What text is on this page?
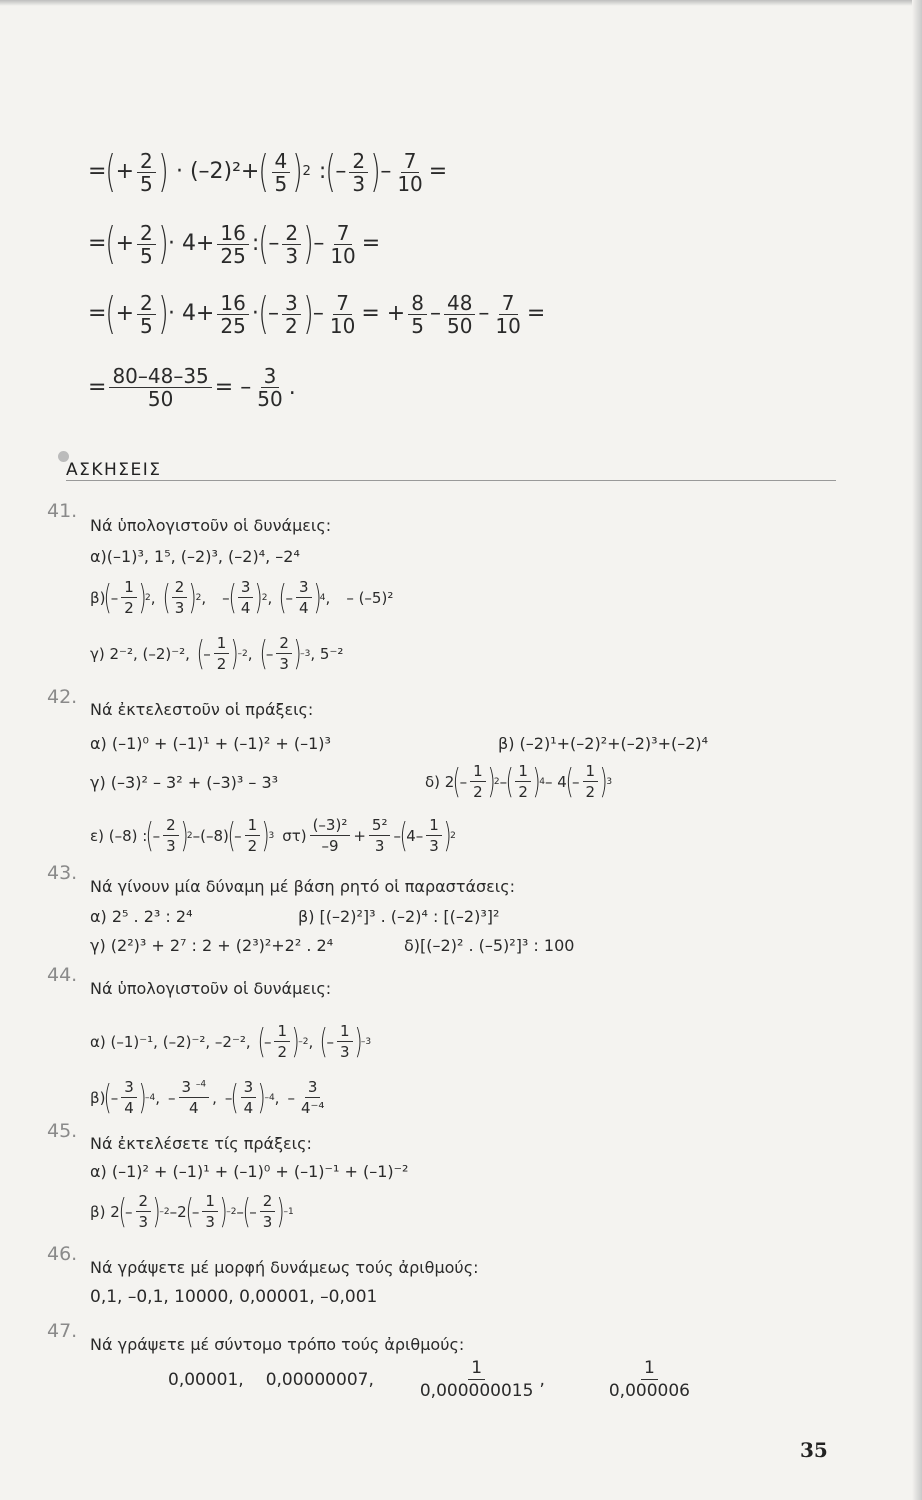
= ( + $\frac{2}{5}$ ) · (–2)²+ ( $\frac{4}{5}$ ) 2 : ( – $\frac{2}{3}$ ) – $\frac{7}{10}$ =
= ( + $\frac{2}{5}$ ) · $4+ \frac{16}{25}$ : ( – $\frac{2}{3}$ ) – $\frac{7}{10}$ =
= ( + $\frac{2}{5}$ ) · $4+ \frac{16}{25}$ · ( – $\frac{3}{2}$ ) – $\frac{7}{10}$ = + $\frac{8}{5} - \frac{48}{50} - \frac{7}{10}$ =
= $\frac{80-48-35}{50}$ = – $\frac{3}{50}$ .
ΑΣΚΗΣΕΙΣ
41.
Νά ὑπολογιστοῦν οἱ δυνάμεις:
α)(–1)³, 1⁵, (–2)³, (–2)⁴, –2⁴
β)
(
– $\frac{1}{2}$ )
2 , ( $\frac{2}{3}$ )
2 ,
–
( $\frac{3}{4}$ )
2 , (
– $\frac{3}{4}$ )
4 ,
– (–5)²
γ) 2⁻², (–2)⁻², (
– $\frac{1}{2}$ )
–2 , (
– $\frac{2}{3}$ )
–3 , 5⁻²
42.
Νά ἐκτελεστοῦν οἱ πράξεις:
α) (–1)⁰ + (–1)¹ + (–1)² + (–1)³	β) (–2)¹+(–2)²+(–2)³+(–2)⁴
γ) (–3)² – 3² + (–3)³ – 3³	δ) 2
(
– $\frac{1}{2}$ )
2 –
( $\frac{1}{2}$ )
4 – 4
(
– $\frac{1}{2}$ )
3
ε) (–8) :
(
– $\frac{2}{3}$ )
2 –(–8)
(
– $\frac{1}{2}$ )
3 $\sigma\tau) \frac{\text{(–3)²}}{-9} + \frac{\text{5²}}{3}$ –
(
$4- \frac{1}{3}$ )
2
43.
Νά γίνουν μία δύναμη μέ βάση ρητό οἱ παραστάσεις:
α) 2⁵ . 2³ : 2⁴	β) [(–2)²]³ . (–2)⁴ : [(–2)³]²
γ) (2²)³ + 2⁷ : 2 + (2³)²+2² . 2⁴	δ)[(–2)² . (–5)²]³ : 100
44.
Νά ὑπολογιστοῦν οἱ δυνάμεις:
α) (–1)⁻¹, (–2)⁻², –2⁻², (
– $\frac{1}{2}$ )
–2 , (
– $\frac{1}{3}$ )
–3
β)
(
– $\frac{3}{4}$ )
–4 ,
– $\frac{3 ^{-4}}{4}$ ,
–
( $\frac{3}{4}$ )
–4 ,
– $\frac{3}{\text{4⁻⁴}}$
45.
Νά ἐκτελέσετε τίς πράξεις:
α) (–1)² + (–1)¹ + (–1)⁰ + (–1)⁻¹ + (–1)⁻²
β) 2
(
– $\frac{2}{3}$ )
–2 –2
(
– $\frac{1}{3}$ )
–2 –
(
– $\frac{2}{3}$ )
–1
46.
Νά γράψετε μέ μορφή δυνάμεως τούς ἀριθμούς:
0,1, –0,1, 10000, 0,00001, –0,001
47.
Νά γράψετε μέ σύντομο τρόπο τούς ἀριθμούς:
0,00001, 0,00000007,	$\frac{1}{0,000000015}$ ,	$\frac{1}{0,000006}$
35
